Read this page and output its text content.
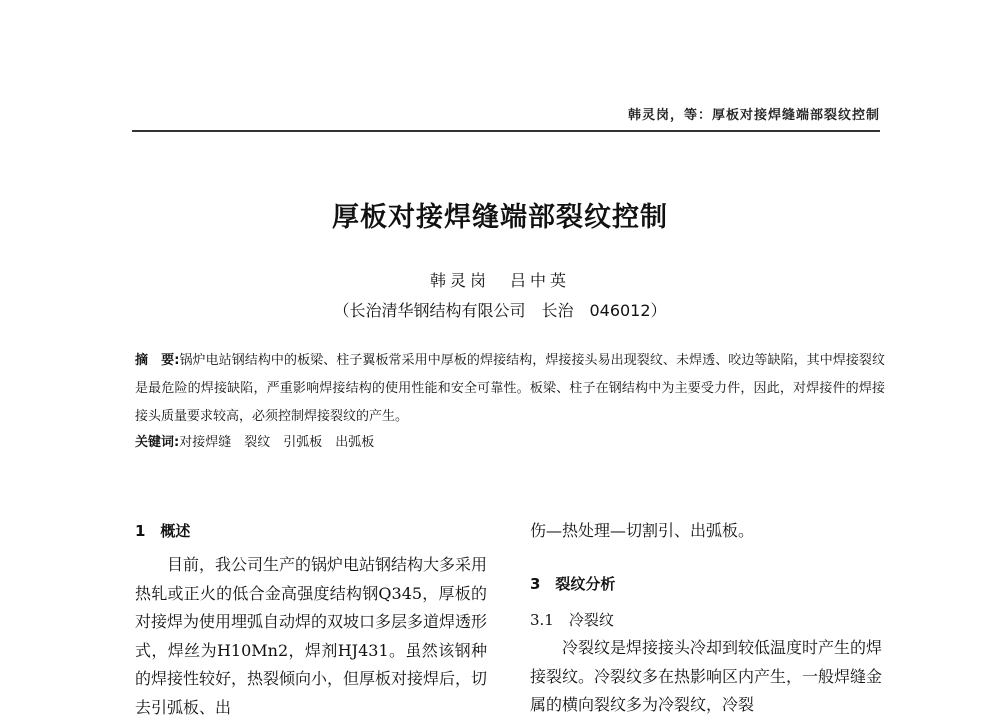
韩灵岗，等：厚板对接焊缝端部裂纹控制
厚板对接焊缝端部裂纹控制
韩灵岗　吕中英
（长治清华钢结构有限公司　长治　046012）
摘　要:锅炉电站钢结构中的板梁、柱子翼板常采用中厚板的焊接结构，焊接接头易出现裂纹、未焊透、咬边等缺陷，其中焊接裂纹是最危险的焊接缺陷，严重影响焊接结构的使用性能和安全可靠性。板梁、柱子在钢结构中为主要受力件，因此，对焊接件的焊接接头质量要求较高，必须控制焊接裂纹的产生。
关键词:对接焊缝　裂纹　引弧板　出弧板
1　概述
目前，我公司生产的锅炉电站钢结构大多采用热轧或正火的低合金高强度结构钢Q345，厚板的对接焊为使用埋弧自动焊的双坡口多层多道焊透形式，焊丝为H10Mn2，焊剂HJ431。虽然该钢种的焊接性较好，热裂倾向小，但厚板对接焊后，切去引弧板、出
伤—热处理—切割引、出弧板。
3　裂纹分析
3.1　冷裂纹
冷裂纹是焊接接头冷却到较低温度时产生的焊接裂纹。冷裂纹多在热影响区内产生，一般焊缝金属的横向裂纹多为冷裂纹，冷裂
